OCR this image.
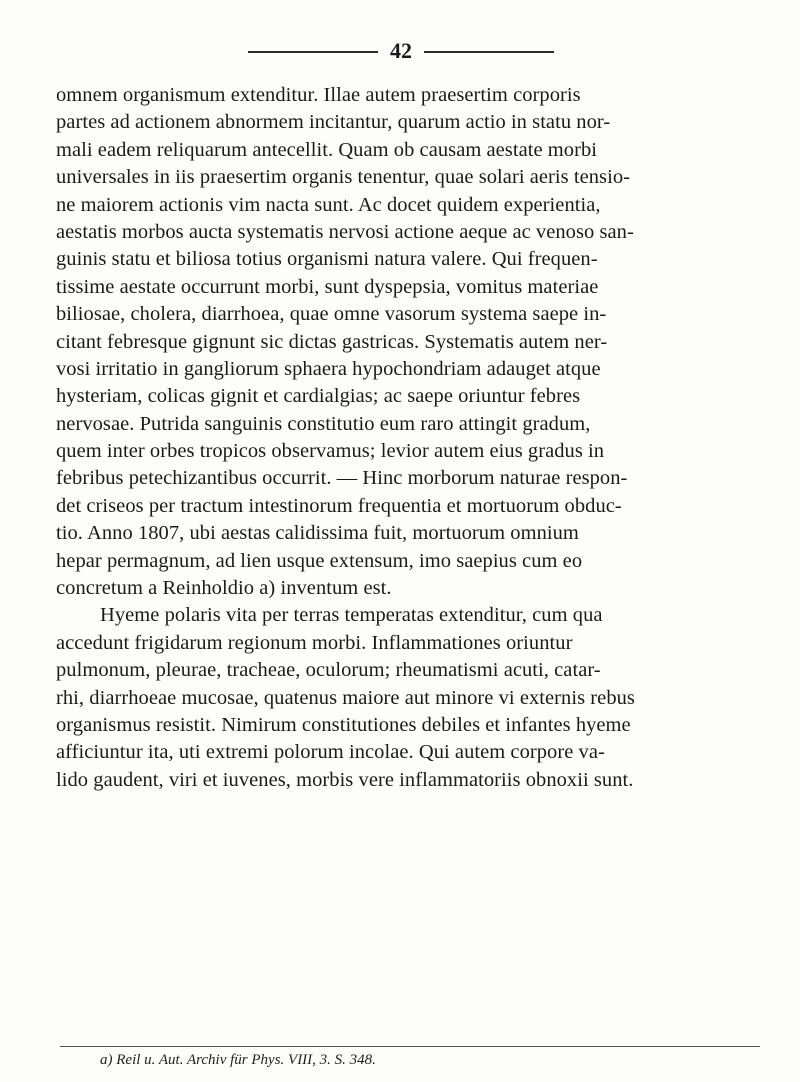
42
omnem organismum extenditur. Illae autem praesertim corporis
partes ad actionem abnormem incitantur, quarum actio in statu nor-
mali eadem reliquarum antecellit. Quam ob causam aestate morbi
universales in iis praesertim organis tenentur, quae solari aeris tensio-
ne maiorem actionis vim nacta sunt. Ac docet quidem experientia,
aestatis morbos aucta systematis nervosi actione aeque ac venoso san-
guinis statu et biliosa totius organismi natura valere. Qui frequen-
tissime aestate occurrunt morbi, sunt dyspepsia, vomitus materiae
biliosae, cholera, diarrhoea, quae omne vasorum systema saepe in-
citant febresque gignunt sic dictas gastricas. Systematis autem ner-
vosi irritatio in gangliorum sphaera hypochondriam adauget atque
hysteriam, colicas gignit et cardialgias; ac saepe oriuntur febres
nervosae. Putrida sanguinis constitutio eum raro attingit gradum,
quem inter orbes tropicos observamus; levior autem eius gradus in
febribus petechizantibus occurrit. — Hinc morborum naturae respon-
det criseos per tractum intestinorum frequentia et mortuorum obduc-
tio. Anno 1807, ubi aestas calidissima fuit, mortuorum omnium
hepar permagnum, ad lien usque extensum, imo saepius cum eo
concretum a Reinholdio a) inventum est.
Hyeme polaris vita per terras temperatas extenditur, cum qua
accedunt frigidarum regionum morbi. Inflammationes oriuntur
pulmonum, pleurae, tracheae, oculorum; rheumatismi acuti, catar-
rhi, diarrhoeae mucosae, quatenus maiore aut minore vi externis rebus
organismus resistit. Nimirum constitutiones debiles et infantes hyeme
afficiuntur ita, uti extremi polorum incolae. Qui autem corpore va-
lido gaudent, viri et iuvenes, morbis vere inflammatoriis obnoxii sunt.
a) Reil u. Aut. Archiv für Phys. VIII, 3. S. 348.
